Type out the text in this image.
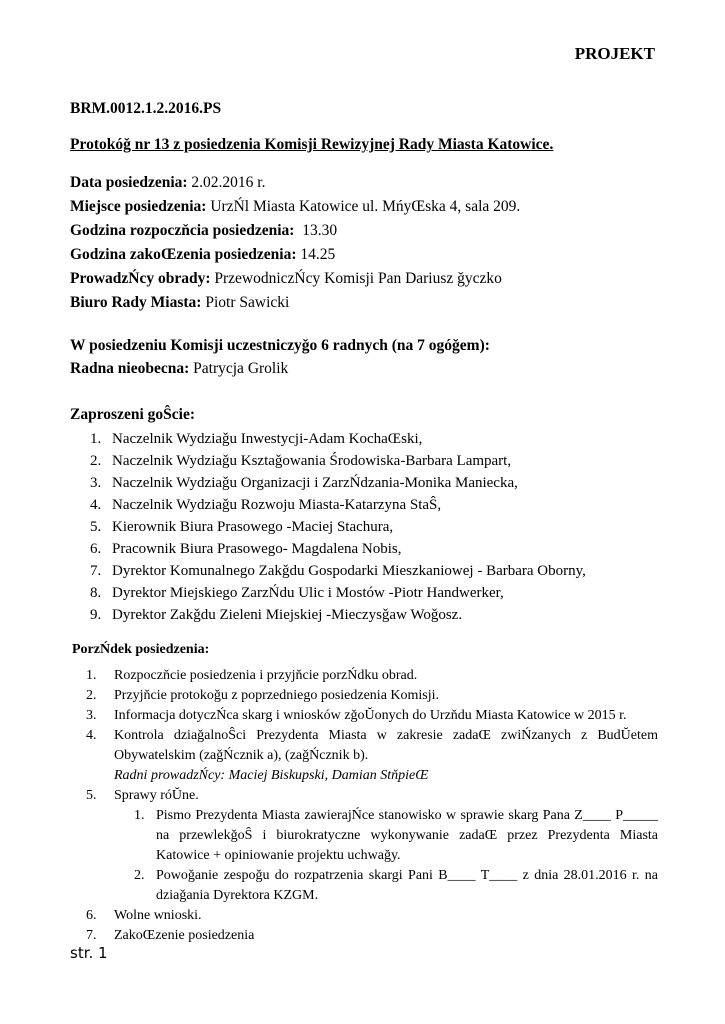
PROJEKT
BRM.0012.1.2.2016.PS
Protokóǧ nr 13 z posiedzenia Komisji Rewizyjnej Rady Miasta Katowice.
Data posiedzenia: 2.02.2016 r.
Miejsce posiedzenia: UrzŃl Miasta Katowice ul. MńyŒska 4, sala 209.
Godzina rozpoczňcia posiedzenia:  13.30
Godzina zakoŒzenia posiedzenia: 14.25
ProwadzŃcy obrady: PrzewodniczŃcy Komisji Pan Dariusz ǧyczko
Biuro Rady Miasta: Piotr Sawicki
W posiedzeniu Komisji uczestniczyǧo 6 radnych (na 7 ogóǧem):
Radna nieobecna: Patrycja Grolik
Zaproszeni goŜcie:
1. Naczelnik Wydziaǧu Inwestycji-Adam KochaŒski,
2. Naczelnik Wydziaǧu Ksztaǧowania Środowiska-Barbara Lampart,
3. Naczelnik Wydziaǧu Organizacji i ZarzŃdzania-Monika Maniecka,
4. Naczelnik Wydziaǧu Rozwoju Miasta-Katarzyna StaŜ,
5. Kierownik Biura Prasowego -Maciej Stachura,
6. Pracownik Biura Prasowego- Magdalena Nobis,
7. Dyrektor Komunalnego Zakǧdu Gospodarki Mieszkaniowej - Barbara Oborny,
8. Dyrektor Miejskiego ZarzŃdu Ulic i Mostów -Piotr Handwerker,
9. Dyrektor Zakǧdu Zieleni Miejskiej -Mieczysǧaw Woǧosz.
PorzŃdek posiedzenia:
1. Rozpoczňcie posiedzenia i przyjňcie porzŃdku obrad.
2. Przyjňcie protokoǧu z poprzedniego posiedzenia Komisji.
3. Informacja dotyczŃca skarg i wniosków zǧoŬonych do Urzňdu Miasta Katowice w 2015 r.
4. Kontrola dziaǧalnoŜci Prezydenta Miasta w zakresie zadaŒ zwiŃzanych z BudŬetem Obywatelskim (zaǧŃcznik a), (zaǧŃcznik b).
Radni prowadzŃcy: Maciej Biskupski, Damian StňpieŒ
5. Sprawy róŬne.
1. Pismo Prezydenta Miasta zawierajŃce stanowisko w sprawie skarg Pana Z____ P_____ na przewlekǧoŜ i biurokratyczne wykonywanie zadaŒ przez Prezydenta Miasta Katowice + opiniowanie projektu uchwaǧy.
2. Powoǧanie zespoǧu do rozpatrzenia skargi Pani B____ T____ z dnia 28.01.2016 r. na dziaǧania Dyrektora KZGM.
6. Wolne wnioski.
7. ZakoŒzenie posiedzenia
str. 1
